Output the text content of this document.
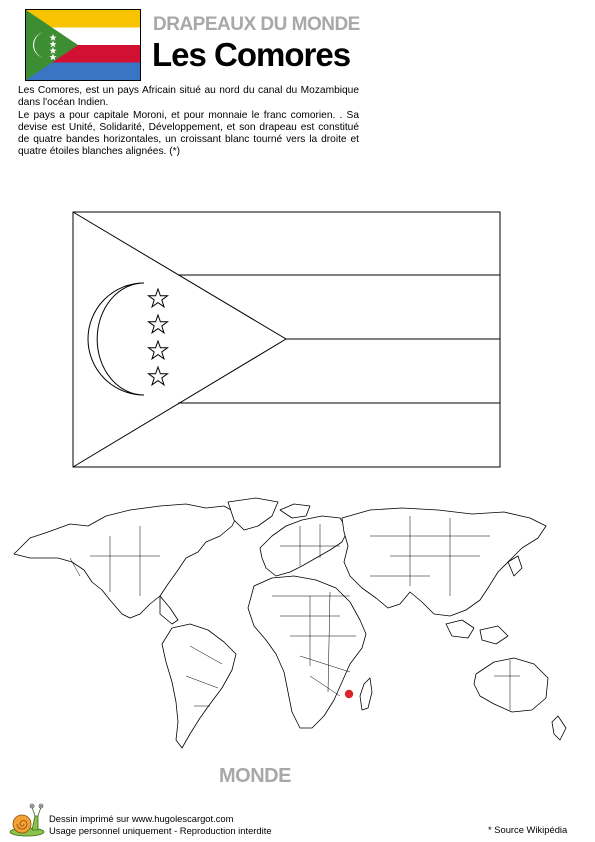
DRAPEAUX DU MONDE
Les Comores

Les Comores, est un pays Africain situé au nord du canal du Mozambique dans l'océan Indien.

Le pays a pour capitale Moroni, et pour monnaie le franc comorien. . Sa devise est Unité, Solidarité, Développement, et son drapeau est constitué de quatre bandes horizontales, un croissant blanc tourné vers la droite et quatre étoiles blanches alignées. (*)

MONDE
Dessin imprimé sur www.hugolescargot.com
Usage personnel uniquement - Reproduction interdite	* Source Wikipédia
